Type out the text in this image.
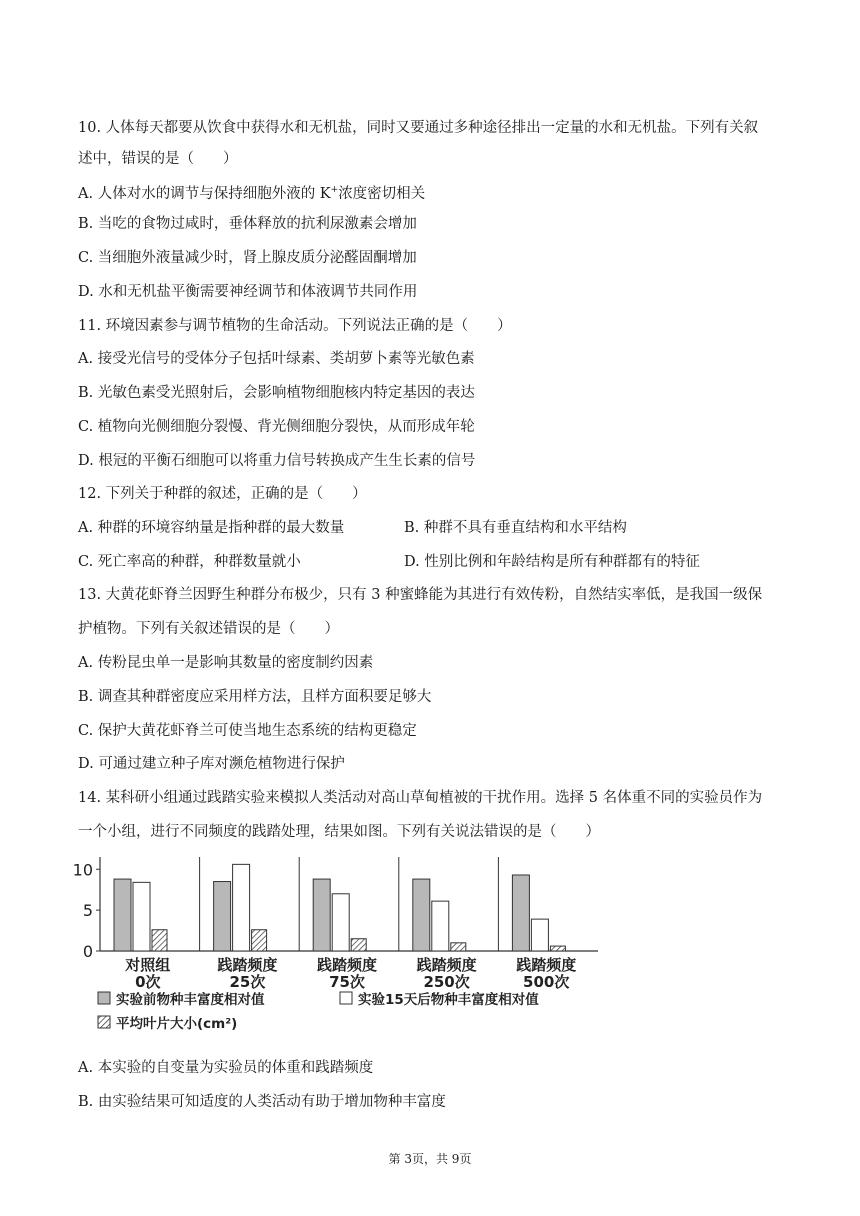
10. 人体每天都要从饮食中获得水和无机盐，同时又要通过多种途径排出一定量的水和无机盐。下列有关叙
述中，错误的是（　　）
A. 人体对水的调节与保持细胞外液的 K+浓度密切相关
B. 当吃的食物过咸时，垂体释放的抗利尿激素会增加
C. 当细胞外液量减少时，肾上腺皮质分泌醛固酮增加
D. 水和无机盐平衡需要神经调节和体液调节共同作用
11. 环境因素参与调节植物的生命活动。下列说法正确的是（　　）
A. 接受光信号的受体分子包括叶绿素、类胡萝卜素等光敏色素
B. 光敏色素受光照射后，会影响植物细胞核内特定基因的表达
C. 植物向光侧细胞分裂慢、背光侧细胞分裂快，从而形成年轮
D. 根冠的平衡石细胞可以将重力信号转换成产生生长素的信号
12. 下列关于种群的叙述，正确的是（　　）
A. 种群的环境容纳量是指种群的最大数量	B. 种群不具有垂直结构和水平结构
C. 死亡率高的种群，种群数量就小	D. 性别比例和年龄结构是所有种群都有的特征
13. 大黄花虾脊兰因野生种群分布极少，只有 3 种蜜蜂能为其进行有效传粉，自然结实率低，是我国一级保
护植物。下列有关叙述错误的是（　　）
A. 传粉昆虫单一是影响其数量的密度制约因素
B. 调查其种群密度应采用样方法，且样方面积要足够大
C. 保护大黄花虾脊兰可使当地生态系统的结构更稳定
D. 可通过建立种子库对濒危植物进行保护
14. 某科研小组通过践踏实验来模拟人类活动对高山草甸植被的干扰作用。选择 5 名体重不同的实验员作为
一个小组，进行不同频度的践踏处理，结果如图。下列有关说法错误的是（　　）
0
5
10
对照组
0次
践踏频度
25次
践踏频度
75次
践踏频度
250次
践踏频度
500次
实验前物种丰富度相对值	实验15天后物种丰富度相对值
平均叶片大小(cm²)
A. 本实验的自变量为实验员的体重和践踏频度
B. 由实验结果可知适度的人类活动有助于增加物种丰富度
第 3页，共 9页
